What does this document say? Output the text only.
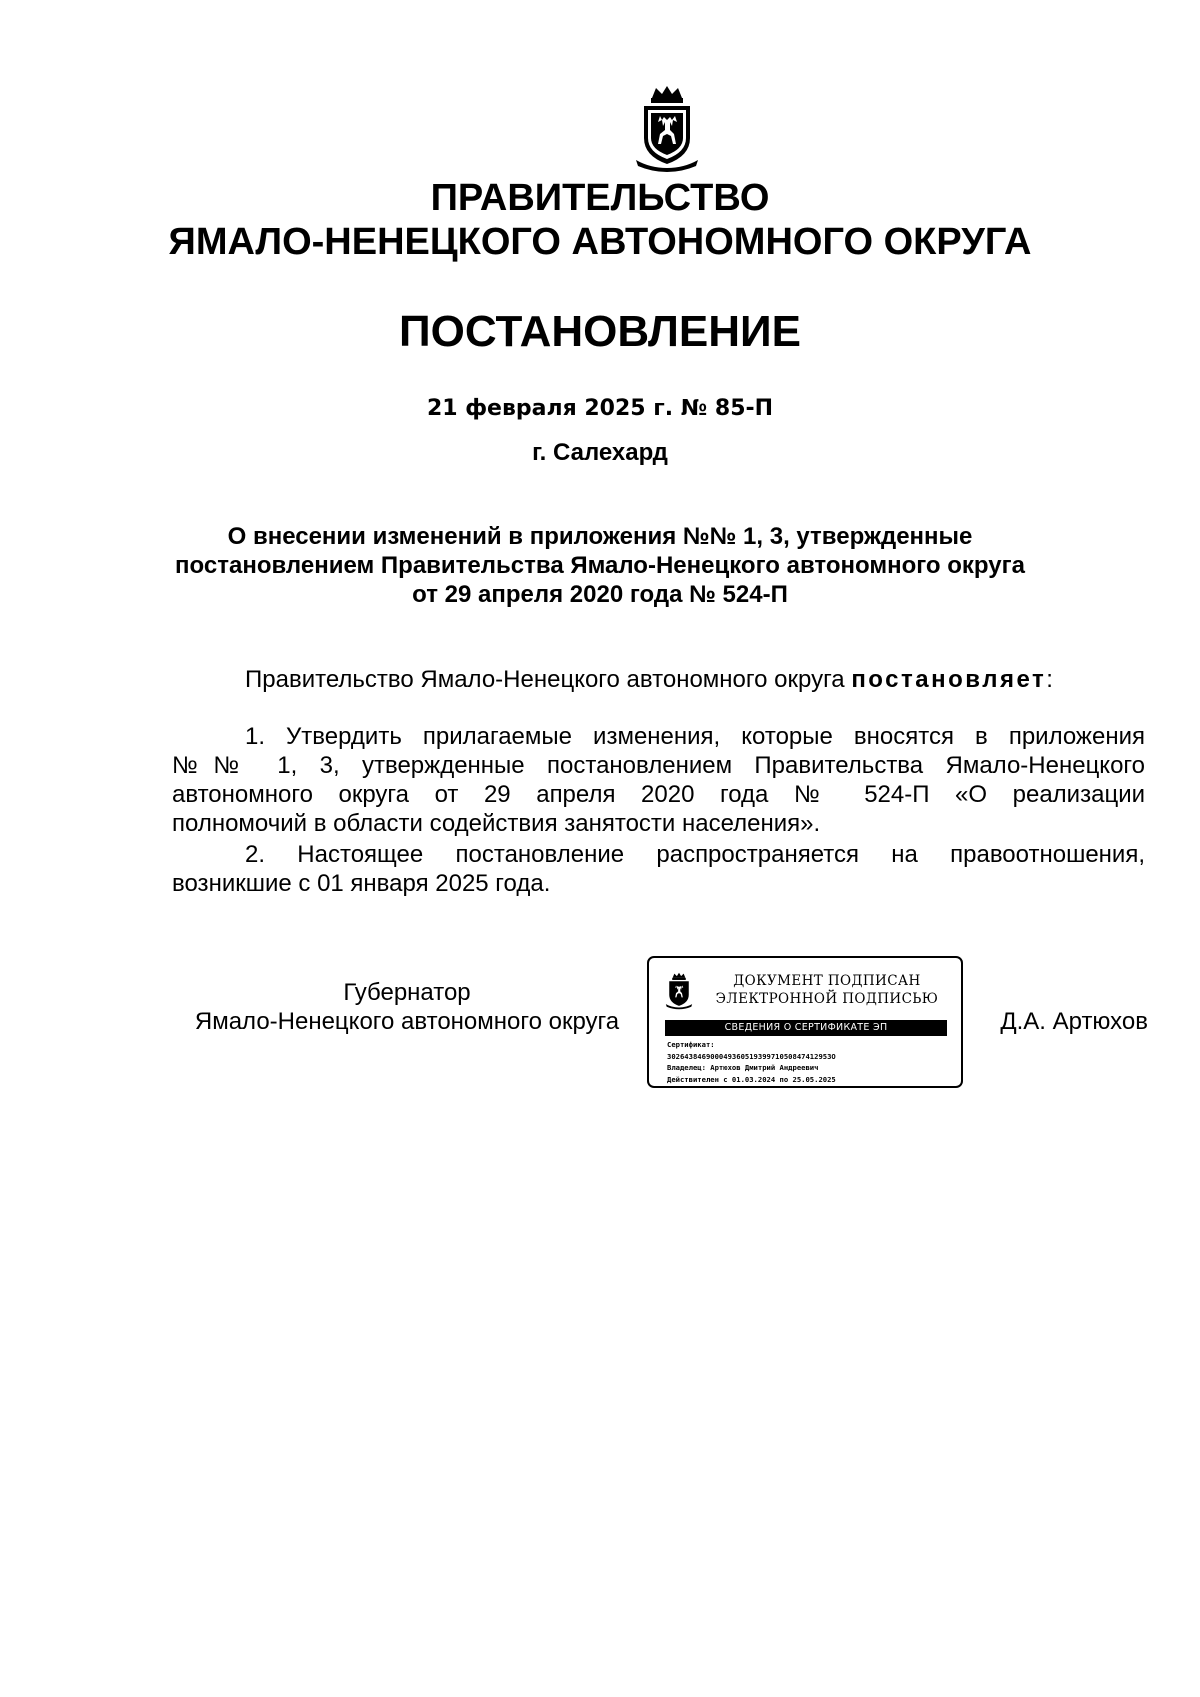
ПРАВИТЕЛЬСТВО
ЯМАЛО-НЕНЕЦКОГО АВТОНОМНОГО ОКРУГА
ПОСТАНОВЛЕНИЕ
21 февраля 2025 г. № 85-П
г. Салехард
О внесении изменений в приложения №№ 1, 3, утвержденные
постановлением Правительства Ямало-Ненецкого автономного округа
от 29 апреля 2020 года № 524-П
Правительство Ямало-Ненецкого автономного округа постановляет:
1. Утвердить прилагаемые изменения, которые вносятся в приложения
№№ 1, 3, утвержденные постановлением Правительства Ямало-Ненецкого
автономного округа от 29 апреля 2020 года № 524-П «О реализации
полномочий в области содействия занятости населения».
2. Настоящее постановление распространяется на правоотношения,
возникшие с 01 января 2025 года.
Губернатор
Ямало-Ненецкого автономного округа
ДОКУМЕНТ ПОДПИСАН
ЭЛЕКТРОННОЙ ПОДПИСЬЮ
СВЕДЕНИЯ О СЕРТИФИКАТЕ ЭП
Сертификат:
30264384690004936051939971050847412953О
Владелец: Артюхов Дмитрий Андреевич
Действителен с 01.03.2024 по 25.05.2025
Д.А. Артюхов
